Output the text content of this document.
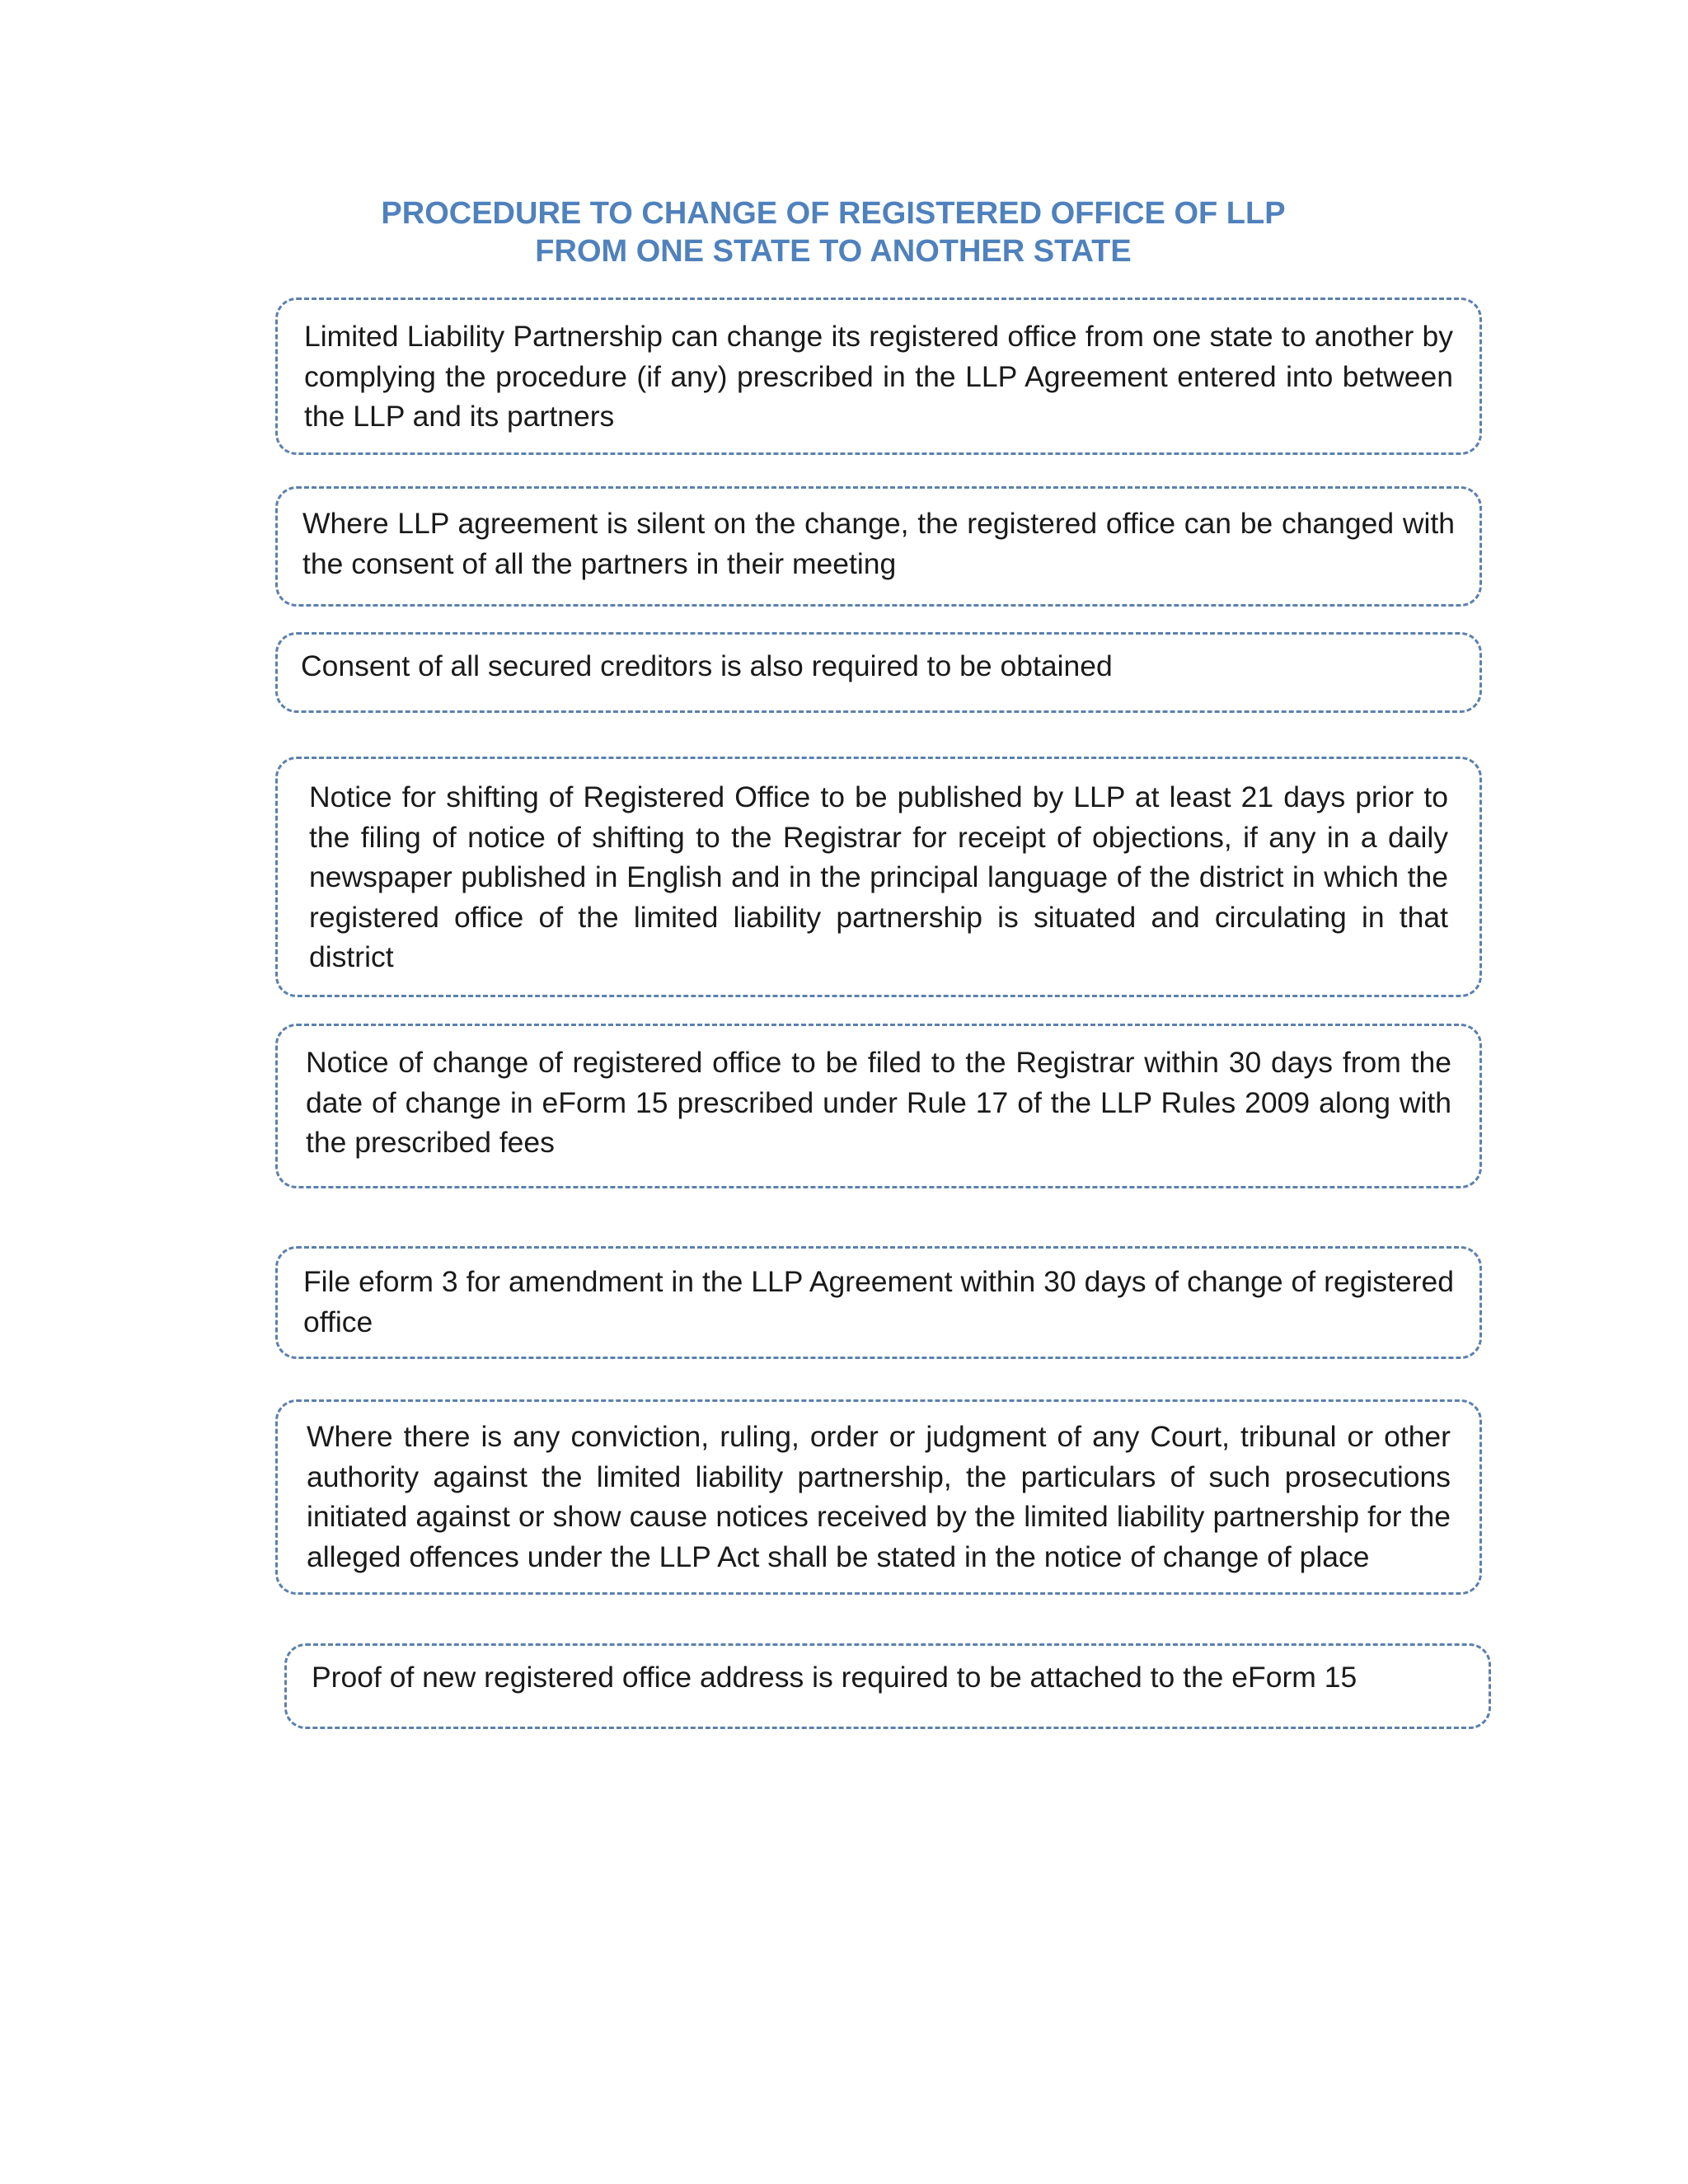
PROCEDURE TO CHANGE OF REGISTERED OFFICE OF LLP
FROM ONE STATE TO ANOTHER STATE

Limited Liability Partnership can change its registered office from one state to another by complying the procedure (if any) prescribed in the LLP Agreement entered into between the LLP and its partners

Where LLP agreement is silent on the change, the registered office can be changed with the consent of all the partners in their meeting

Consent of all secured creditors is also required to be obtained

Notice for shifting of Registered Office to be published by LLP at least 21 days prior to the filing of notice of shifting to the Registrar for receipt of objections, if any in a daily newspaper published in English and in the principal language of the district in which the registered office of the limited liability partnership is situated and circulating in that district

Notice of change of registered office to be filed to the Registrar within 30 days from the date of change in eForm 15 prescribed under Rule 17 of the LLP Rules 2009 along with the prescribed fees

File eform 3 for amendment in the LLP Agreement within 30 days of change of registered office

Where there is any conviction, ruling, order or judgment of any Court, tribunal or other authority against the limited liability partnership, the particulars of such prosecutions initiated against or show cause notices received by the limited liability partnership for the alleged offences under the LLP Act shall be stated in the notice of change of place

Proof of new registered office address is required to be attached to the eForm 15
